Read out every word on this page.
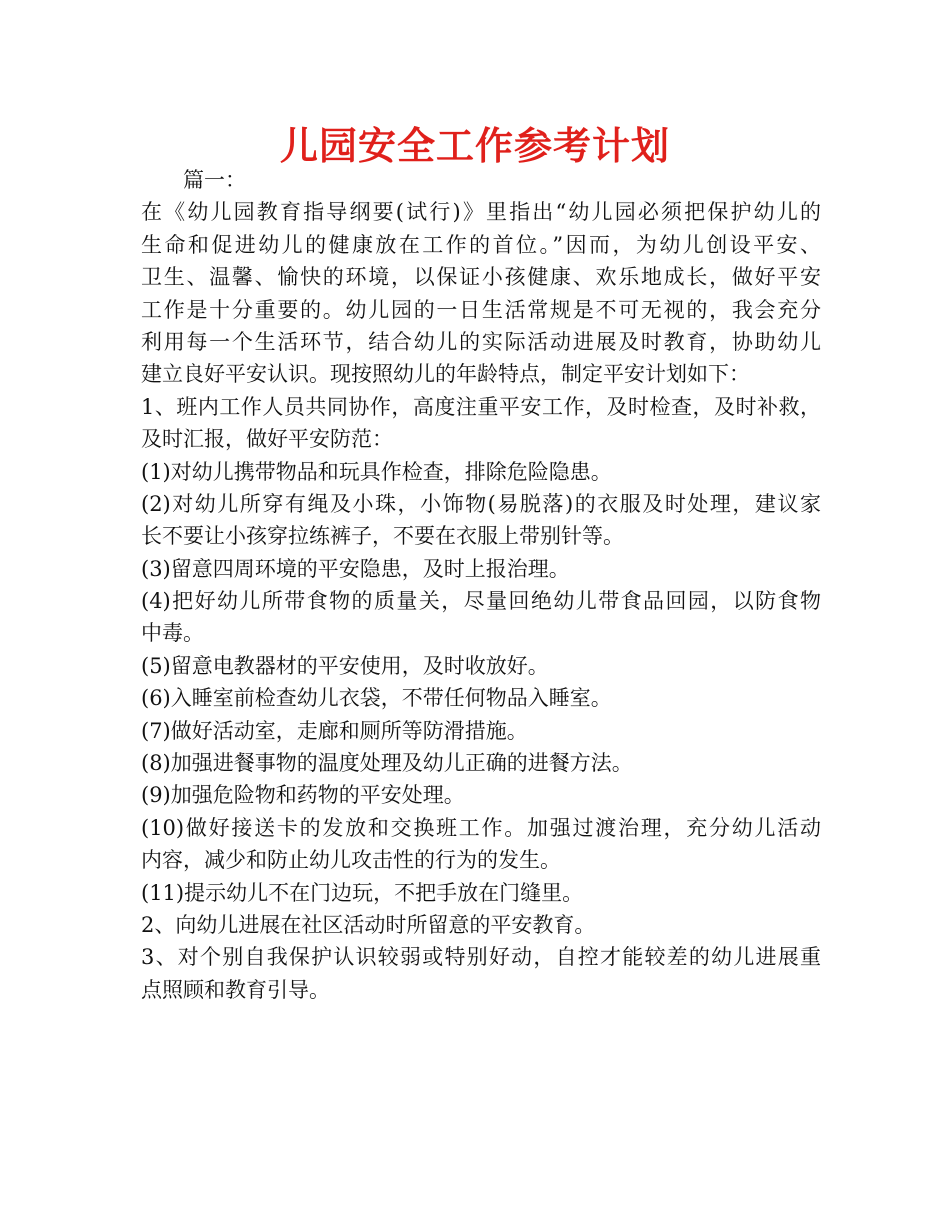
儿园安全工作参考计划
篇一：
在《幼儿园教育指导纲要(试行)》里指出“幼儿园必须把保护幼儿的
生命和促进幼儿的健康放在工作的首位。”因而，为幼儿创设平安、
卫生、温馨、愉快的环境，以保证小孩健康、欢乐地成长，做好平安
工作是十分重要的。幼儿园的一日生活常规是不可无视的，我会充分
利用每一个生活环节，结合幼儿的实际活动进展及时教育，协助幼儿
建立良好平安认识。现按照幼儿的年龄特点，制定平安计划如下：
1、班内工作人员共同协作，高度注重平安工作，及时检查，及时补救，
及时汇报，做好平安防范：
(1)对幼儿携带物品和玩具作检查，排除危险隐患。
(2)对幼儿所穿有绳及小珠，小饰物(易脱落)的衣服及时处理，建议家
长不要让小孩穿拉练裤子，不要在衣服上带别针等。
(3)留意四周环境的平安隐患，及时上报治理。
(4)把好幼儿所带食物的质量关，尽量回绝幼儿带食品回园，以防食物
中毒。
(5)留意电教器材的平安使用，及时收放好。
(6)入睡室前检查幼儿衣袋，不带任何物品入睡室。
(7)做好活动室，走廊和厕所等防滑措施。
(8)加强进餐事物的温度处理及幼儿正确的进餐方法。
(9)加强危险物和药物的平安处理。
(10)做好接送卡的发放和交换班工作。加强过渡治理，充分幼儿活动
内容，减少和防止幼儿攻击性的行为的发生。
(11)提示幼儿不在门边玩，不把手放在门缝里。
2、向幼儿进展在社区活动时所留意的平安教育。
3、对个别自我保护认识较弱或特别好动，自控才能较差的幼儿进展重
点照顾和教育引导。
